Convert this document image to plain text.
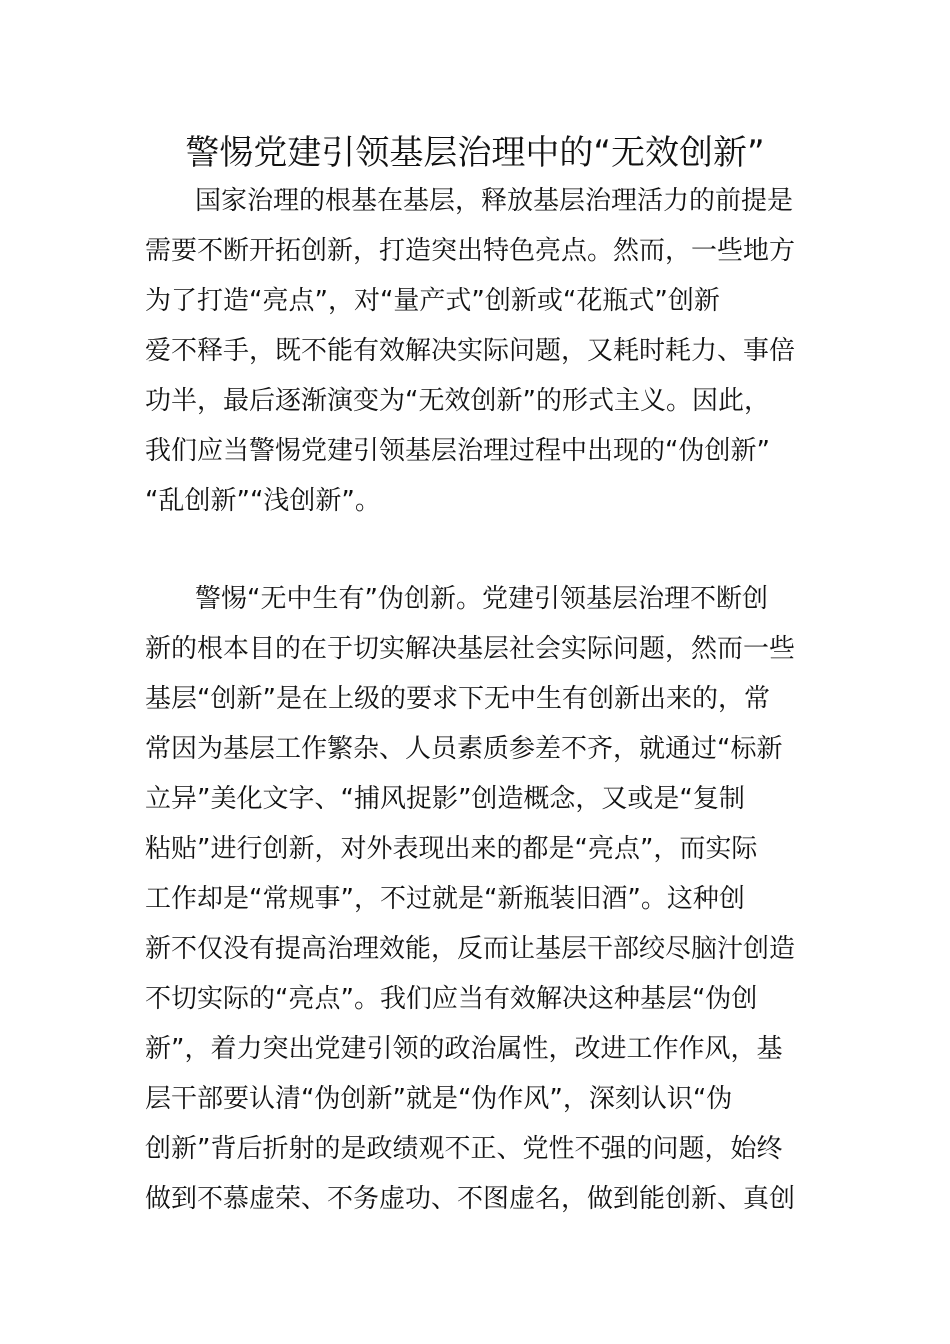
警惕党建引领基层治理中的“无效创新”

国家治理的根基在基层，释放基层治理活力的前提是

需要不断开拓创新，打造突出特色亮点。然而，一些地方

为了打造“亮点”，对“量产式”创新或“花瓶式”创新

爱不释手，既不能有效解决实际问题，又耗时耗力、事倍

功半，最后逐渐演变为“无效创新”的形式主义。因此，

我们应当警惕党建引领基层治理过程中出现的“伪创新”

“乱创新”“浅创新”。

警惕“无中生有”伪创新。党建引领基层治理不断创

新的根本目的在于切实解决基层社会实际问题，然而一些

基层“创新”是在上级的要求下无中生有创新出来的，常

常因为基层工作繁杂、人员素质参差不齐，就通过“标新

立异”美化文字、“捕风捉影”创造概念，又或是“复制

粘贴”进行创新，对外表现出来的都是“亮点”，而实际

工作却是“常规事”，不过就是“新瓶装旧酒”。这种创

新不仅没有提高治理效能，反而让基层干部绞尽脑汁创造

不切实际的“亮点”。我们应当有效解决这种基层“伪创

新”，着力突出党建引领的政治属性，改进工作作风，基

层干部要认清“伪创新”就是“伪作风”，深刻认识“伪

创新”背后折射的是政绩观不正、党性不强的问题，始终

做到不慕虚荣、不务虚功、不图虚名，做到能创新、真创
